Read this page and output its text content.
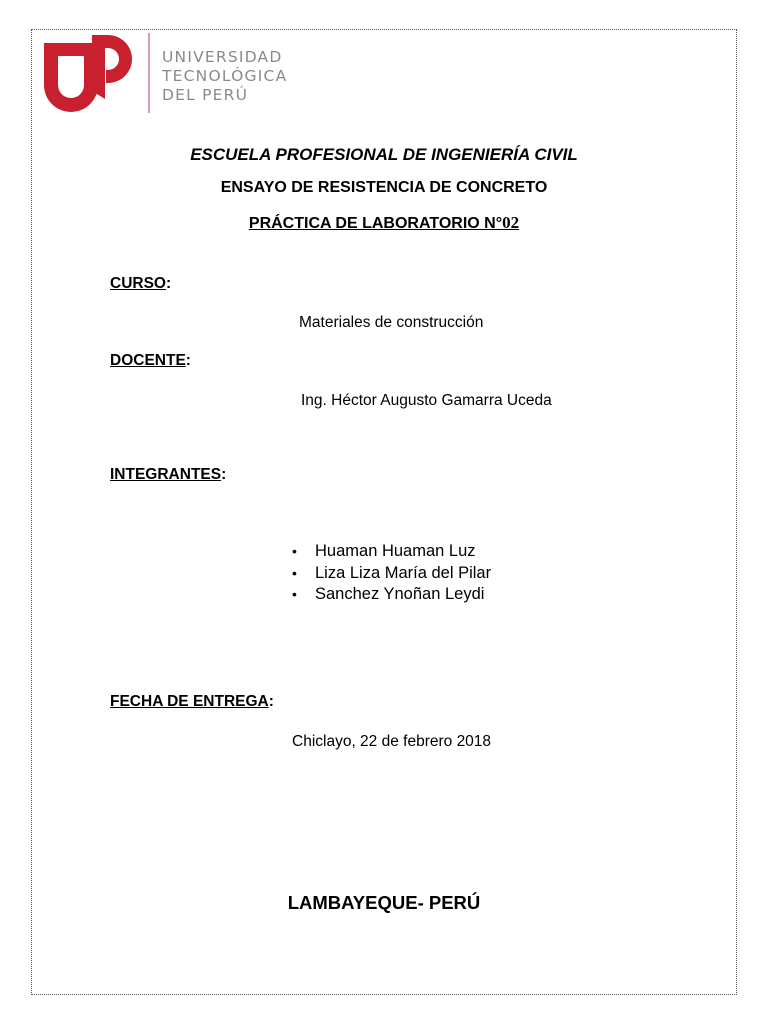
UNIVERSIDAD
TECNOLÓGICA
DEL PERÚ
ESCUELA PROFESIONAL DE INGENIERÍA CIVIL
ENSAYO DE RESISTENCIA DE CONCRETO
PRÁCTICA DE LABORATORIO N°02
CURSO:
Materiales de construcción
DOCENTE:
Ing. Héctor Augusto Gamarra Uceda
INTEGRANTES:
• Huaman Huaman Luz
• Liza Liza María del Pilar
• Sanchez Ynoñan Leydi
FECHA DE ENTREGA:
Chiclayo, 22 de febrero 2018
LAMBAYEQUE- PERÚ
